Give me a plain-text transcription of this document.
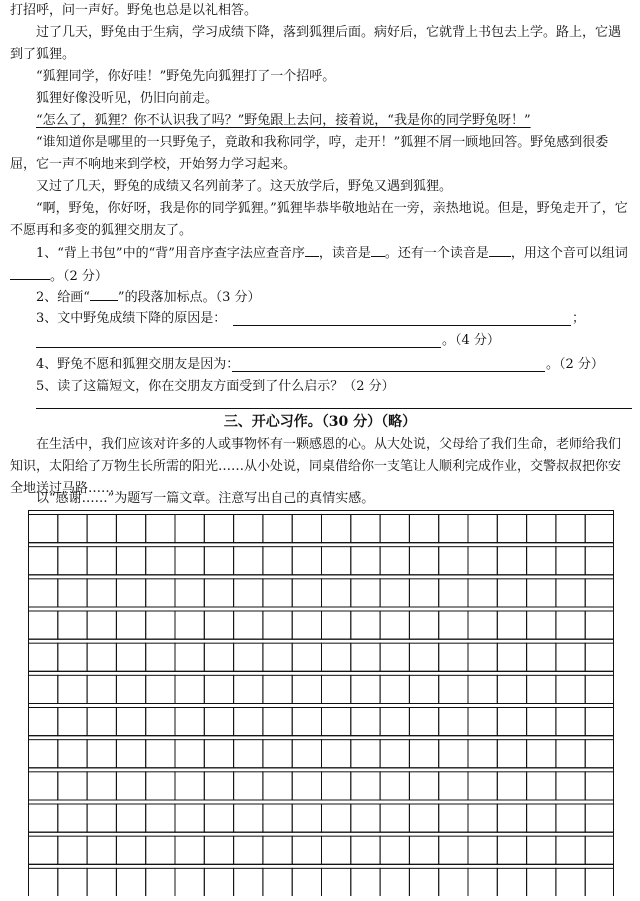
打招呼，问一声好。野兔也总是以礼相答。

过了几天，野兔由于生病，学习成绩下降，落到狐狸后面。病好后，它就背上书包去上学。路上，它遇到了狐狸。

“狐狸同学，你好哇！”野兔先向狐狸打了一个招呼。

狐狸好像没听见，仍旧向前走。

“怎么了，狐狸？你不认识我了吗？”野兔跟上去问，接着说，“我是你的同学野兔呀！”

“谁知道你是哪里的一只野兔子，竟敢和我称同学，哼，走开！”狐狸不屑一顾地回答。野兔感到很委屈，它一声不响地来到学校，开始努力学习起来。

又过了几天，野兔的成绩又名列前茅了。这天放学后，野兔又遇到狐狸。

“啊，野兔，你好呀，我是你的同学狐狸。”狐狸毕恭毕敬地站在一旁，亲热地说。但是，野兔走开了，它不愿再和多变的狐狸交朋友了。

1、“背上书包”中的“背”用音序查字法应查音序 ，读音是 。还有一个读音是 ，用这个音可以组词。（2 分）

2、给画“ ”的段落加标点。（3 分）

3、文中野兔成绩下降的原因是：	；
。（4 分）
4、野兔不愿和狐狸交朋友是因为：	。（2 分）
5、读了这篇短文，你在交朋友方面受到了什么启示？（2 分）

三、开心习作。（30 分）（略）

在生活中，我们应该对许多的人或事物怀有一颗感恩的心。从大处说，父母给了我们生命，老师给我们知识，太阳给了万物生长所需的阳光……从小处说，同桌借给你一支笔让人顺利完成作业，交警叔叔把你安全地送过马路……

以“感谢……”为题写一篇文章。注意写出自己的真情实感。
